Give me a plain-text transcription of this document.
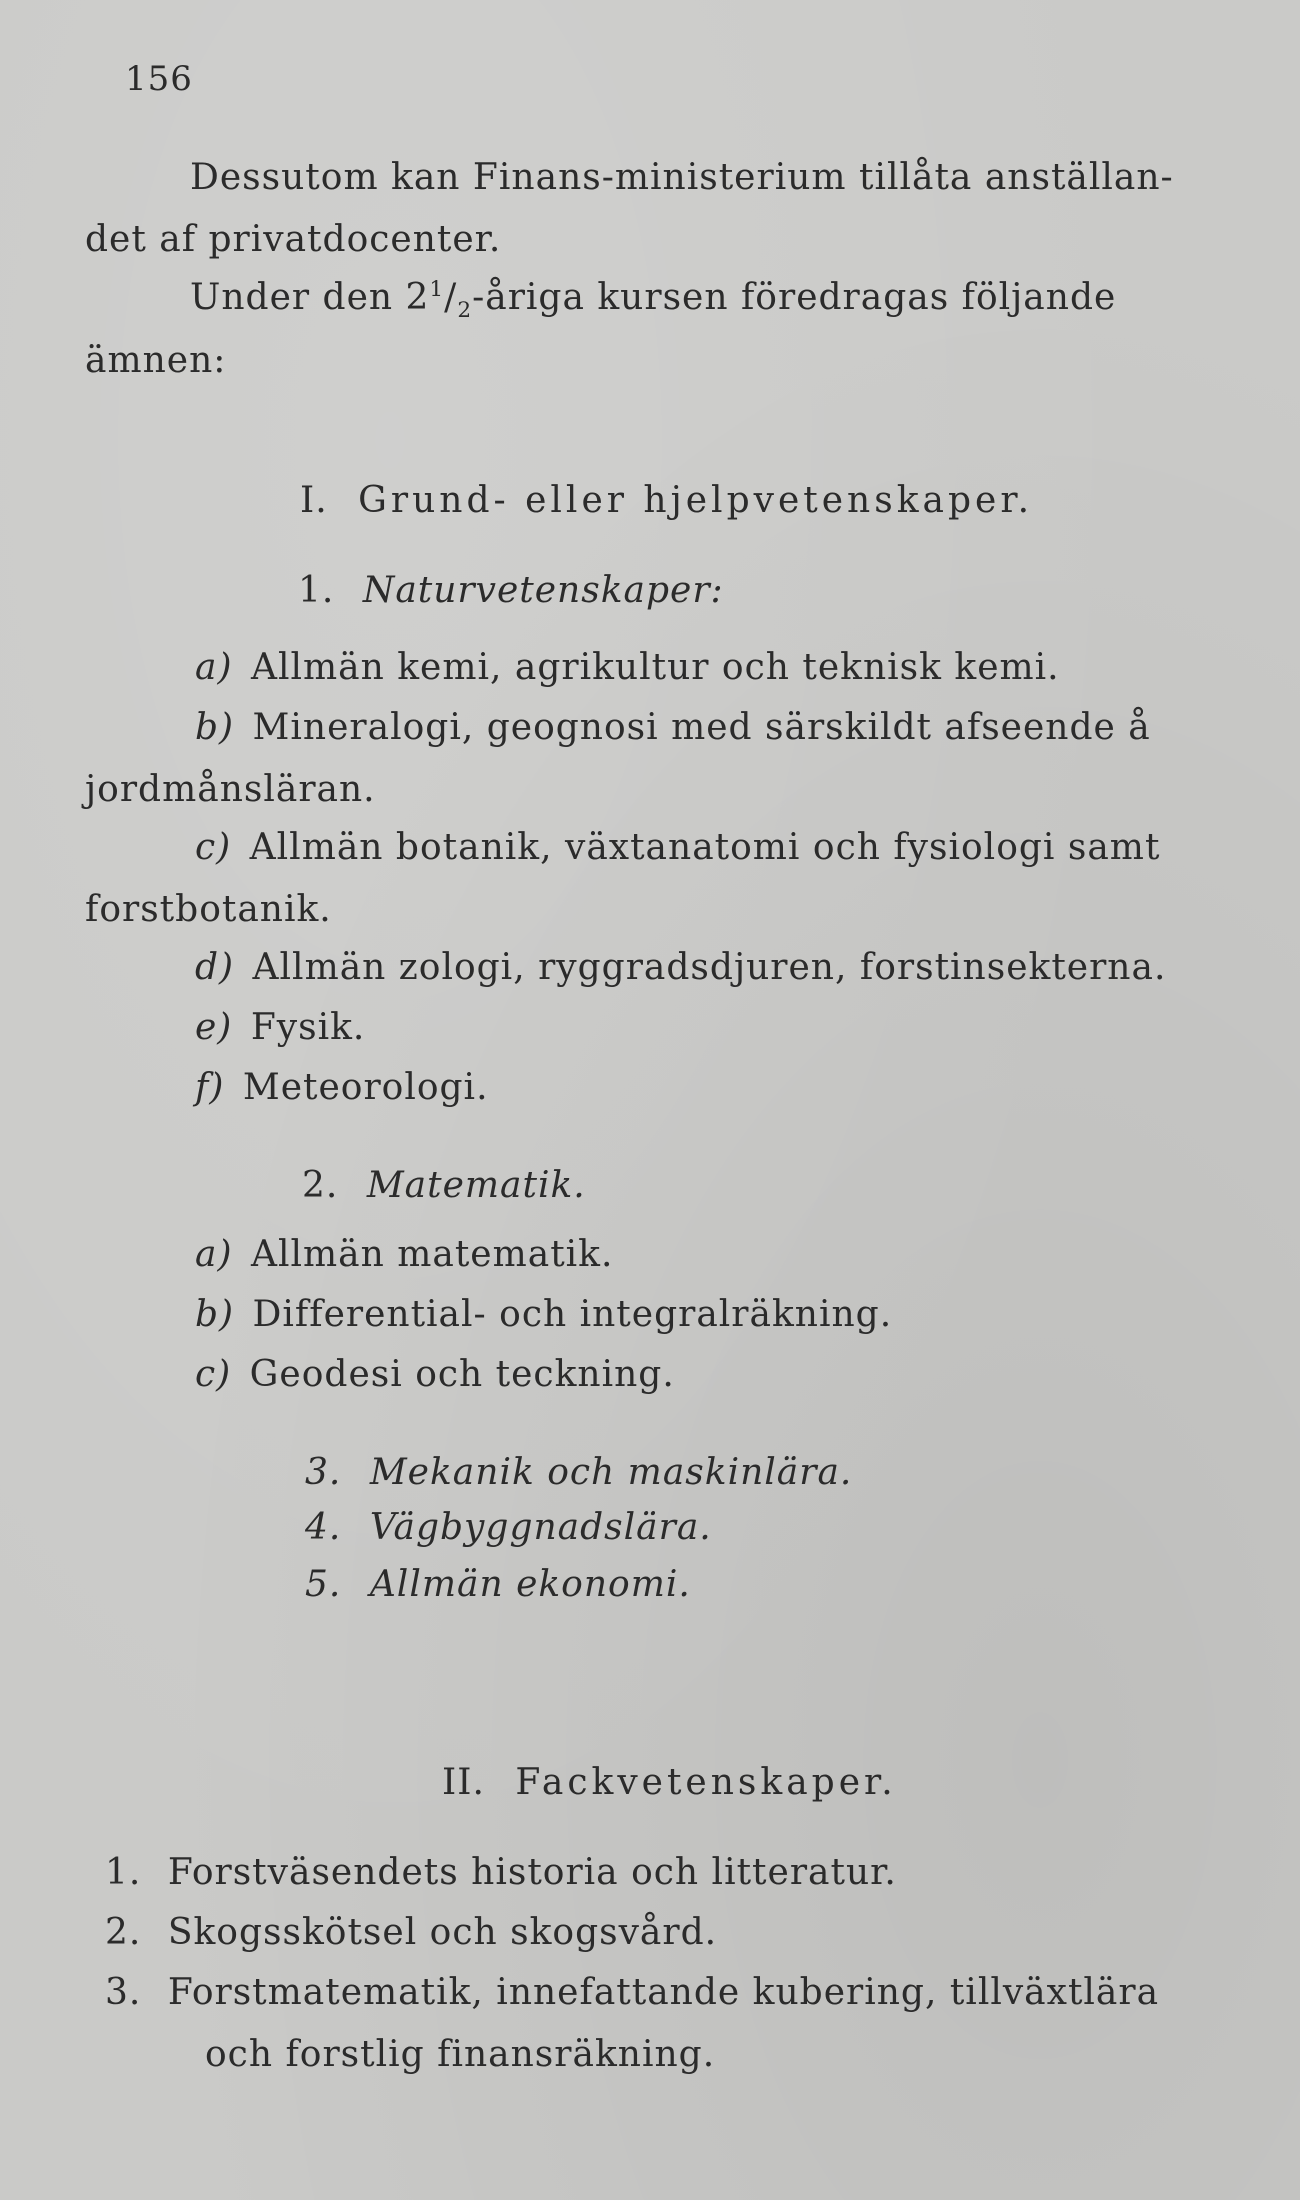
156
Dessutom kan Finans-ministerium tillåta anställan-
det af privatdocenter.
Under den $2^1/_2$-åriga kursen föredragas följande
ämnen:
I. Grund- eller hjelpvetenskaper.
1. Naturvetenskaper:
a) Allmän kemi, agrikultur och teknisk kemi.
b) Mineralogi, geognosi med särskildt afseende å
jordmånsläran.
c) Allmän botanik, växtanatomi och fysiologi samt
forstbotanik.
d) Allmän zologi, ryggradsdjuren, forstinsekterna.
e) Fysik.
f) Meteorologi.
2. Matematik.
a) Allmän matematik.
b) Differential- och integralräkning.
c) Geodesi och teckning.
3. Mekanik och maskinlära.
4. Vägbyggnadslära.
5. Allmän ekonomi.
II. Fackvetenskaper.
1. Forstväsendets historia och litteratur.
2. Skogsskötsel och skogsvård.
3. Forstmatematik, innefattande kubering, tillväxtlära
och forstlig finansräkning.
